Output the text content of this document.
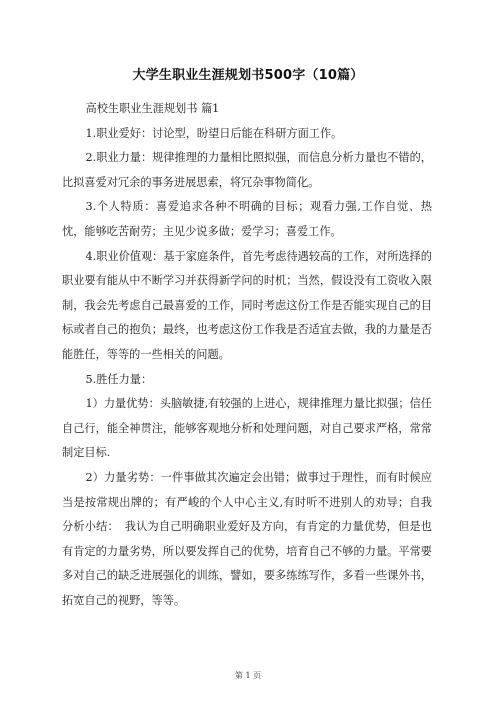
大学生职业生涯规划书500字（10篇）

高校生职业生涯规划书 篇1

1.职业爱好：讨论型，盼望日后能在科研方面工作。

2.职业力量：规律推理的力量相比照拟强，而信息分析力量也不错的，比拟喜爱对冗余的事务进展思索，将冗杂事物简化。

3.个人特质：喜爱追求各种不明确的目标；观看力强,工作自觉、热忱，能够吃苦耐劳；主见少说多做；爱学习；喜爱工作。

4.职业价值观：基于家庭条件，首先考虑待遇较高的工作，对所选择的职业要有能从中不断学习并获得新学问的时机；当然，假设没有工资收入限制，我会先考虑自己最喜爱的工作，同时考虑这份工作是否能实现自己的目标或者自己的抱负；最终，也考虑这份工作我是否适宜去做，我的力量是否能胜任，等等的一些相关的问题。

5.胜任力量：

1）力量优势：头脑敏捷,有较强的上进心，规律推理力量比拟强；信任自己行，能全神贯注，能够客观地分析和处理问题，对自己要求严格，常常制定目标.

2）力量劣势：一件事做其次遍定会出错；做事过于理性，而有时候应当是按常规出牌的；有严峻的个人中心主义,有时听不进别人的劝导；自我分析小结：　我认为自己明确职业爱好及方向，有肯定的力量优势，但是也有肯定的力量劣势，所以要发挥自己的优势，培育自己不够的力量。平常要多对自己的缺乏进展强化的训练，譬如，要多练练写作，多看一些课外书，拓宽自己的视野，等等。

第 1 页
